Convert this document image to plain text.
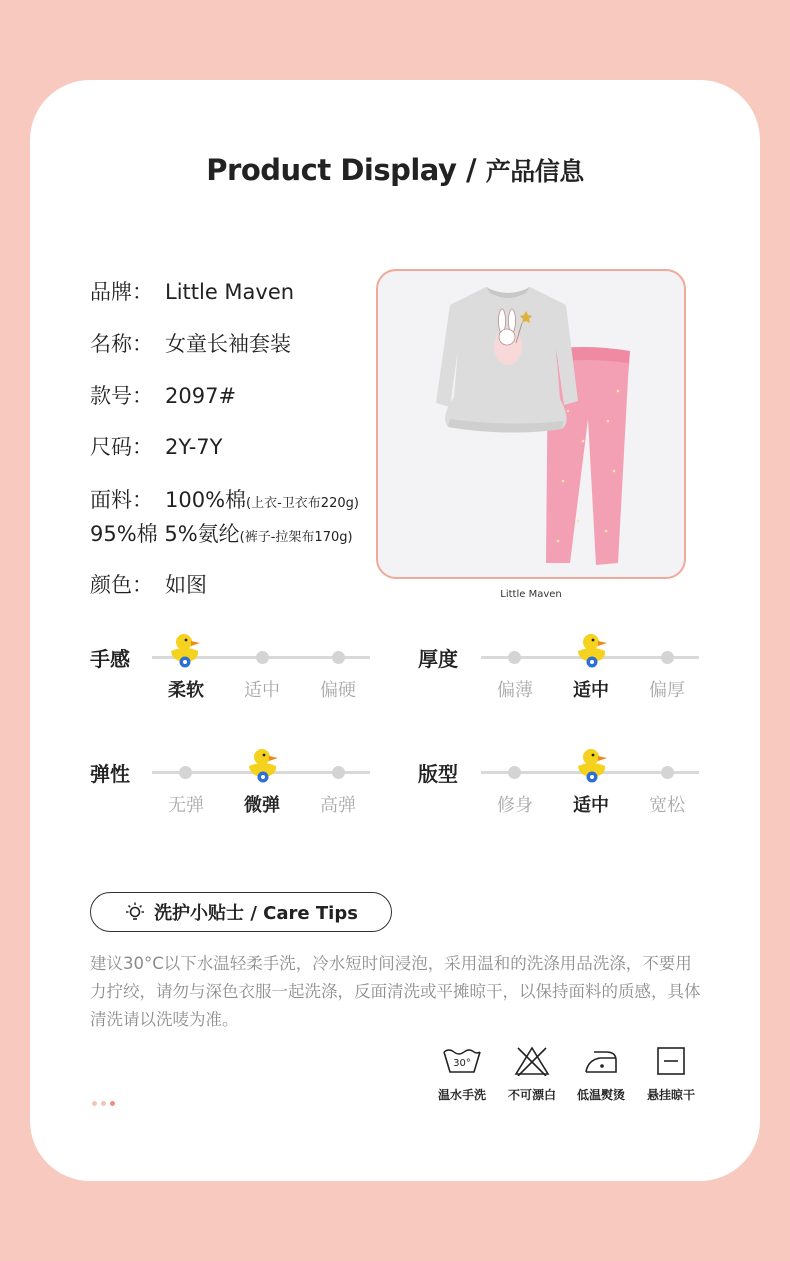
Product Display / 产品信息
品牌： Little Maven
名称： 女童长袖套装
款号： 2097#
尺码： 2Y-7Y
面料： 100%棉(上衣-卫衣布220g)
95%棉 5%氨纶(裤子-拉架布170g)
颜色： 如图	Little Maven
手感
柔软	适中	偏硬
厚度
偏薄	适中	偏厚
弹性
无弹	微弹	高弹
版型
修身	适中	宽松
洗护小贴士 / Care Tips
建议30°C以下水温轻柔手洗，冷水短时间浸泡，采用温和的洗涤用品洗涤，不要用力拧绞，请勿与深色衣服一起洗涤，反面清洗或平摊晾干，以保持面料的质感，具体清洗请以洗唛为准。
30°
温水手洗	不可漂白	低温熨烫	悬挂晾干
